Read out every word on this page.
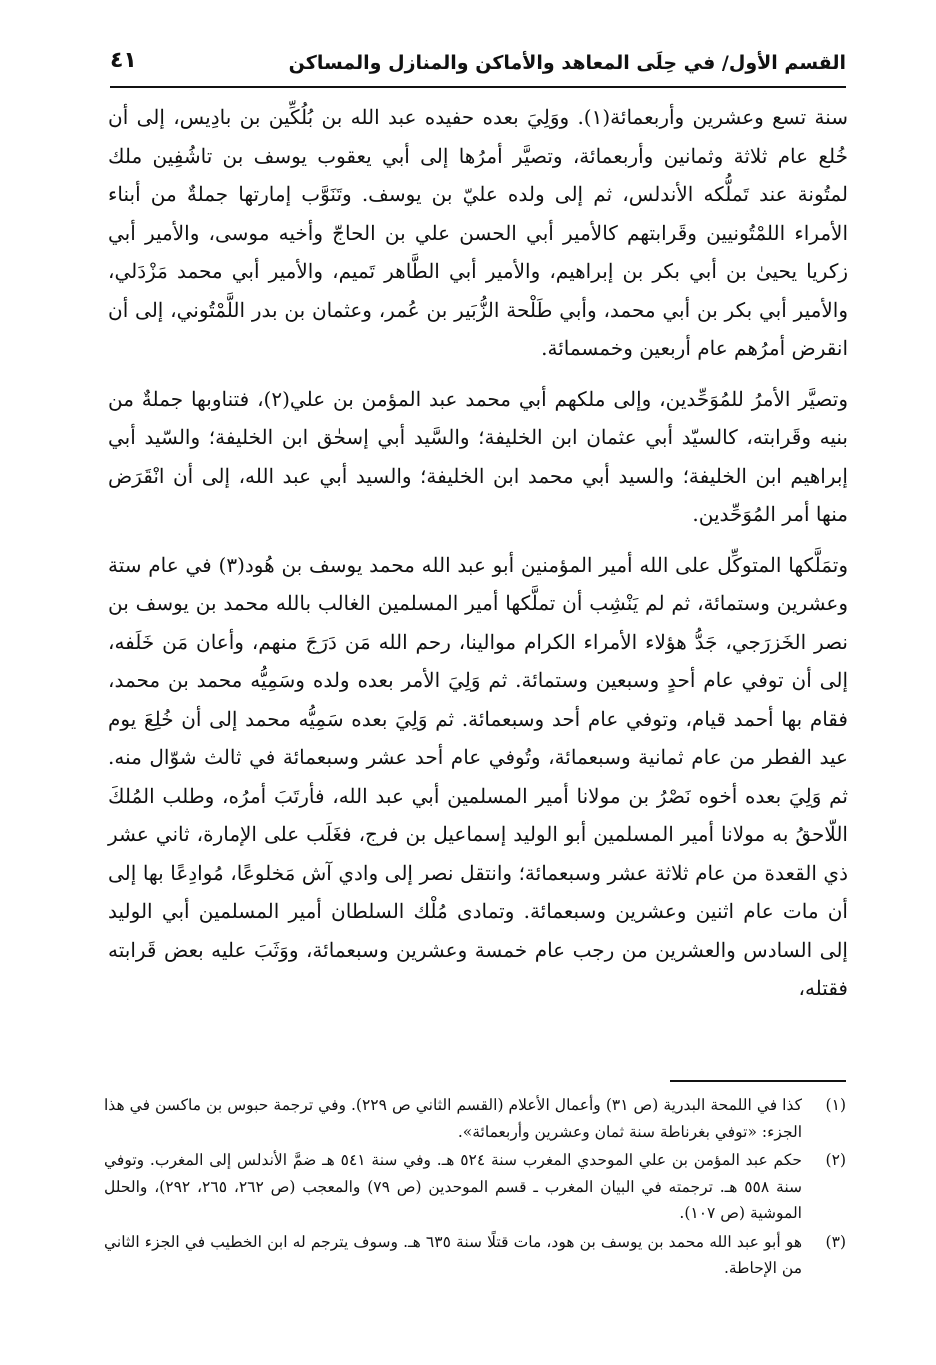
القسم الأول/ في حِلَى المعاهد والأماكن والمنازل والمساكن
٤١

سنة تسع وعشرين وأربعمائة(١). ووَلِيَ بعده حفيده عبد الله بن بُلُكِّين بن بادِيس، إلى أن خُلع عام ثلاثة وثمانين وأربعمائة، وتصيَّر أمرُها إلى أبي يعقوب يوسف بن تاشُفِين ملك لمتُونة عند تَملُّكه الأندلس، ثم إلى ولده عليّ بن يوسف. وتَنَوَّب إمارتها جملةٌ من أبناء الأمراء اللمْتُونيين وقَرابتهم كالأمير أبي الحسن علي بن الحاجّ وأخيه موسى، والأمير أبي زكريا يحيىٰ بن أبي بكر بن إبراهيم، والأمير أبي الطَّاهر تَميم، والأمير أبي محمد مَزْدَلي، والأمير أبي بكر بن أبي محمد، وأبي طَلْحة الزُّبَير بن عُمر، وعثمان بن بدر اللَّمْتُوني، إلى أن انقرض أمرُهم عام أربعين وخمسمائة.

وتصيَّر الأمرُ للمُوَحِّدين، وإلى ملكهم أبي محمد عبد المؤمن بن علي(٢)، فتناوبها جملةٌ من بنيه وقَرابته، كالسيّد أبي عثمان ابن الخليفة؛ والسَّيد أبي إسحٰق ابن الخليفة؛ والسّيد أبي إبراهيم ابن الخليفة؛ والسيد أبي محمد ابن الخليفة؛ والسيد أبي عبد الله، إلى أن انْقَرَض منها أمر المُوَحِّدين.

وتمَلَّكها المتوكِّل على الله أمير المؤمنين أبو عبد الله محمد يوسف بن هُود(٣) في عام ستة وعشرين وستمائة، ثم لم يَنْشِب أن تملَّكها أمير المسلمين الغالب بالله محمد بن يوسف بن نصر الخَزرَجي، جَدُّ هؤلاء الأمراء الكرام موالينا، رحم الله مَن دَرَجَ منهم، وأعان مَن خَلَفه، إلى أن توفي عام أحدٍ وسبعين وستمائة. ثم وَلِيَ الأمر بعده ولده وسَمِيُّه محمد بن محمد، فقام بها أحمد قيام، وتوفي عام أحد وسبعمائة. ثم وَلِيَ بعده سَمِيُّه محمد إلى أن خُلِعَ يوم عيد الفطر من عام ثمانية وسبعمائة، وتُوفي عام أحد عشر وسبعمائة في ثالث شوّال منه. ثم وَلِيَ بعده أخوه نَصْرُ بن مولانا أمير المسلمين أبي عبد الله، فأرتَبَ أمرُه، وطلب المُلكَ اللّاحقُ به مولانا أمير المسلمين أبو الوليد إسماعيل بن فرج، فغَلَب على الإمارة، ثاني عشر ذي القعدة من عام ثلاثة عشر وسبعمائة؛ وانتقل نصر إلى وادي آش مَخلوعًا، مُوادِعًا بها إلى أن مات عام اثنين وعشرين وسبعمائة. وتمادى مُلْك السلطان أمير المسلمين أبي الوليد إلى السادس والعشرين من رجب عام خمسة وعشرين وسبعمائة، ووَثَبَ عليه بعض قَرابته فقتله،

(١)
كذا في اللمحة البدرية (ص ٣١) وأعمال الأعلام (القسم الثاني ص ٢٢٩). وفي ترجمة حبوس بن ماكسن في هذا الجزء: «توفي بغرناطة سنة ثمان وعشرين وأربعمائة».
(٢)
حكم عبد المؤمن بن علي الموحدي المغرب سنة ٥٢٤ هـ. وفي سنة ٥٤١ هـ ضمَّ الأندلس إلى المغرب. وتوفي سنة ٥٥٨ هـ. ترجمته في البيان المغرب ـ قسم الموحدين (ص ٧٩) والمعجب (ص ٢٦٢، ٢٦٥، ٢٩٢)، والحلل الموشية (ص ١٠٧).
(٣)
هو أبو عبد الله محمد بن يوسف بن هود، مات قتلًا سنة ٦٣٥ هـ. وسوف يترجم له ابن الخطيب في الجزء الثاني من الإحاطة.
